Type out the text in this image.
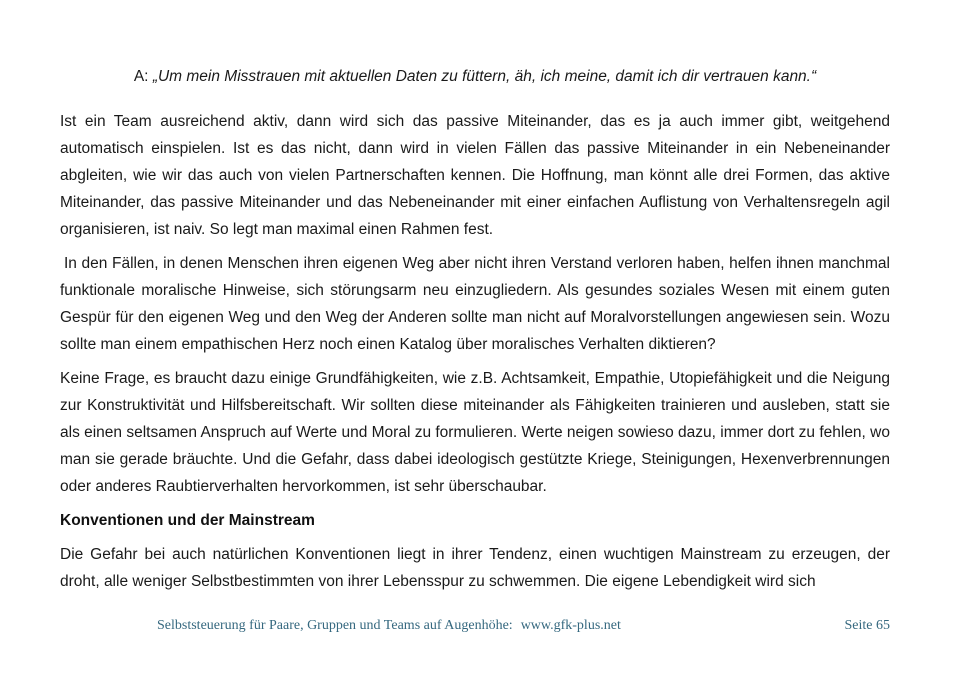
A: „Um mein Misstrauen mit aktuellen Daten zu füttern, äh, ich meine, damit ich dir vertrauen kann.“

Ist ein Team ausreichend aktiv, dann wird sich das passive Miteinander, das es ja auch immer gibt, weitgehend automatisch einspielen. Ist es das nicht, dann wird in vielen Fällen das passive Miteinander in ein Nebeneinander abgleiten, wie wir das auch von vielen Partnerschaften kennen. Die Hoffnung, man könnt alle drei Formen, das aktive Miteinander, das passive Miteinander und das Nebeneinander mit einer einfachen Auflistung von Verhaltensregeln agil organisieren, ist naiv. So legt man maximal einen Rahmen fest.

In den Fällen, in denen Menschen ihren eigenen Weg aber nicht ihren Verstand verloren haben, helfen ihnen manchmal funktionale moralische Hinweise, sich störungsarm neu einzugliedern. Als gesundes soziales Wesen mit einem guten Gespür für den eigenen Weg und den Weg der Anderen sollte man nicht auf Moralvorstellungen angewiesen sein. Wozu sollte man einem empathischen Herz noch einen Katalog über moralisches Verhalten diktieren?

Keine Frage, es braucht dazu einige Grundfähigkeiten, wie z.B. Achtsamkeit, Empathie, Utopiefähigkeit und die Neigung zur Konstruktivität und Hilfsbereitschaft. Wir sollten diese miteinander als Fähigkeiten trainieren und ausleben, statt sie als einen seltsamen Anspruch auf Werte und Moral zu formulieren. Werte neigen sowieso dazu, immer dort zu fehlen, wo man sie gerade bräuchte. Und die Gefahr, dass dabei ideologisch gestützte Kriege, Steinigungen, Hexenverbrennungen oder anderes Raubtierverhalten hervorkommen, ist sehr überschaubar.

Konventionen und der Mainstream

Die Gefahr bei auch natürlichen Konventionen liegt in ihrer Tendenz, einen wuchtigen Mainstream zu erzeugen, der droht, alle weniger Selbstbestimmten von ihrer Lebensspur zu schwemmen. Die eigene Lebendigkeit wird sich

Selbststeuerung für Paare, Gruppen und Teams auf Augenhöhe: www.gfk-plus.net	Seite 65
